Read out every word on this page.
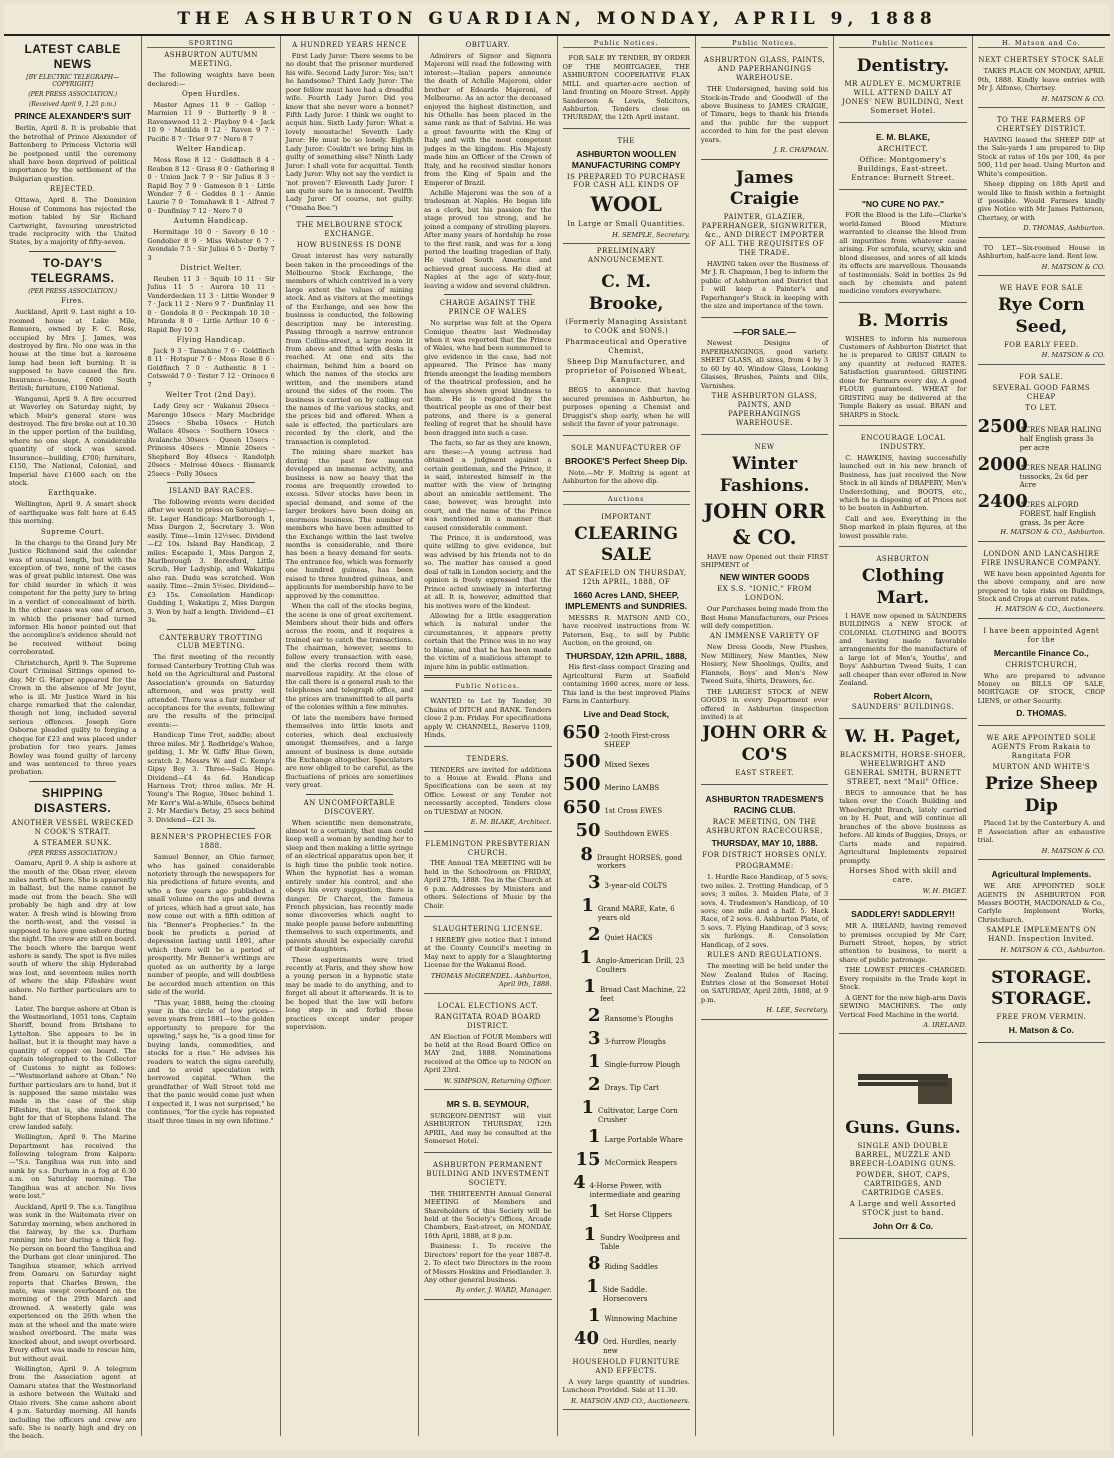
THE ASHBURTON GUARDIAN, MONDAY, APRIL 9, 1888
LATEST CABLE NEWS
[BY ELECTRIC TELEGRAPH—COPYRIGHT]
(PER PRESS ASSOCIATION.)
(Received April 9, 1.25 p.m.)
PRINCE ALEXANDER'S SUIT

Berlin, April 8. It is probable that the betrothal of Prince Alexander of Battenberg to Princess Victoria will be postponed until the ceremony shall have been deprived of political importance by the settlement of the Bulgarian question.

REJECTED.

Ottawa, April 8. The Dominion House of Commons has rejected the motion tabled by Sir Richard Cartwright, favouring unrestricted trade reciprocity with the United States, by a majority of fifty-seven.

TO-DAY'S TELEGRAMS.
(PER PRESS ASSOCIATION.)
Fires.

Auckland, April 9. Last night a 10-roomed house at Lake Mile, Remuera, owned by F. C. Ross, occupied by Mrs J. James, was destroyed by fire. No one was in the house at the time but a kerosene lamp had been left burning. It is supposed to have caused the fire. Insurance—house, £600 South British; furniture, £100 National.

Wanganui, April 9. A fire occurred at Waverley on Saturday night, by which Moir's general store was destroyed. The fire broke out at 10.30 in the upper portion of the building, where no one slept. A considerable quantity of stock was saved. Insurance—building, £700; furniture, £150, The National, Colonial, and Imperial have £1600 each on the stock.

Earthquake.

Wellington, April 9. A smart shock of earthquake was felt here at 6.45 this morning.

Supreme Court.

In the charge to the Grand Jury Mr Justice Richmond said the calendar was of unusual length, but with the exception of two, none of the cases was of great public interest. One was for child murder in which it was competent for the petty jury to bring in a verdict of concealment of birth. In the other cases was one of arson, in which the prisoner had turned informer. His honor pointed out that the accomplice's evidence should not be received without being corroborated.

Christchurch, April 9. The Supreme Court Criminal Sittings opened to-day. Mr G. Harper appeared for the Crown in the absence of Mr Joynt, who is ill. Mr Justice Ward in his charge remarked that the calendar, though not long, included several serious offences. Joseph Gore Osborne pleaded guilty to forging a cheque for £23 and was placed under probation for two years. James Bowley was found guilty of larceny and was sentenced to three years probation.

SHIPPING DISASTERS.
ANOTHER VESSEL WRECKED N COOK'S STRAIT.
A STEAMER SUNK.
(PER PRESS ASSOCIATION.)

Oamaru, April 9. A ship is ashore at the mouth of the Oban river, eleven miles north of here. She is apparently in ballast, but the name cannot be made out from the beach. She will probably be high and dry at low water. A fresh wind is blowing from the north-west, and the vessel is supposed to have gone ashore during the night. The crew are still on board. The beach where the barque went ashore is sandy. The spot is five miles south of where the ship Hyderabad was lost, and seventeen miles north of where the ship Fifeshire went ashore. No further particulars are to hand.

Later. The barque ashore at Oban is the Westmorland, 1051 tons, Captain Sheriff, bound from Brisbane to Lyttelton. She appears to be in ballast, but it is thought may have a quantity of copper on board. The captain telegraphed to the Collector of Customs to night as follows:—"Westmorland ashore at Oban." No further particulars are to hand, but it is supposed the same mistake was made in the case of the ship Fifeshire, that is, she mistook the light for that of Stephens Island. The crew landed safely.

Wellington, April 9. The Marine Department has received the following telegram from Kaipara:—"S.s. Tangihua was run into and sunk by s.s. Durham in a fog at 6.30 a.m. on Saturday morning. The Tangihua was at anchor. No lives were lost."

Auckland, April 9. The s.s. Tangihua was sunk in the Waitemata river on Saturday morning, when anchored in the fairway, by the s.s. Durham running into her during a thick fog. No person on board the Tangihua and the Durham got clear uninjured. The Tangihua steamer, which arrived from Oamaru on Saturday night reports that Charles Brown, the mate, was swept overboard on the morning of the 29th March and drowned. A westerly gale was experienced on the 26th when the man at the wheel and the mate were washed overboard. The mate was knocked about, and swept overboard. Every effort was made to rescue him, but without avail.

Wellington, April 9. A telegram from the Association agent at Oamaru states that the Westmorland is ashore between the Waitaki and Otaio rivers. She came ashore about 4 p.m. Saturday morning. All hands including the officers and crew are safe. She is nearly high and dry on the beach.

SPORTING
ASHBURTON AUTUMN MEETING.

The following weights have been declared:—

Open Hurdles.

Master Agnes 11 9 · Gallop · Marmion 11 9 · Butterfly 9 8 · Ravenswood 11 2 · Playboy 9 4 · Jack 10 9 · Matilda 8 12 · Raven 9 7 · Pacific 8 7 · Trier 9 7 · Nero 8 7

Welter Handicap.

Moss Rose 8 12 · Goldfinch 8 4 · Reuben 8 12 · Grass 8 0 · Gathering 8 0 · Union Jack 7 9 · Sir Julius 8 3 · Rapid Boy 7 9 · Gameson 8 1 · Little Wonder 7 6 · Geddes 8 1 · Annie Laurie 7 0 · Tomahawk 8 1 · Alfred 7 0 · Dunfinlay 7 12 · Nero 7 0

Autumn Handicap.

Hermitage 10 0 · Savory 6 10 · Gondolier 8 9 · Miss Webster 6 7 · Avondale 7 5 · Sir Julius 6 5 · Derby 7 3

District Welter.

Reuben 11 3 · Squib 10 11 · Sir Julius 11 5 · Aurora 10 11 · Vanderdecken 11 3 · Little Wonder 9 7 · Jack 11 2 · Nero 9 7 · Dunfinlay 11 0 · Gondola 8 0 · Peckinpah 10 10 · Miranda 8 0 · Little Arthur 10 6 · Rapid Boy 10 3

Flying Handicap.

Jack 9 3 · Tamahine 7 6 · Goldfinch 8 11 · Hotspur 7 6 · Moss Rose 8 6 · Goldfinch 7 0 · Authentic 8 1 · Cotswold 7 0 · Tester 7 12 · Orinoco 6 7

Welter Trot (2nd Day).

Lady Grey scr · Wakanui 20secs · Marengo 10secs · Mary Macbridge 25secs · Sheba 10secs · Hutch Wallace 40secs · Southern 10secs · Avalanche 30secs · Queen 15secs · Princess 40secs · Minnie 20secs · Shepherd Boy 40secs · Randolph 20secs · Melrose 40secs · Bismarck 25secs · Polly 30secs

ISLAND BAY RACES.

The following events were decided after we went to press on Saturday:— St. Leger Handicap: Marlborough 1, Miss Dargon 2, Secretary 3. Won easily. Time—1min 12½sec. Dividend—£2 10s. Island Bay Handicap, 2 miles: Escapade 1, Miss Dargon 2, Marlborough 3. Beresford, Little Scrub, Her Ladyship, and Wakatipu also ran. Dudu was scratched. Won easily. Time—2min 5½sec. Dividend—£3 15s. Consolation Handicap: Gudding 1, Wakatipu 2, Miss Dargon 3. Won by half a length. Dividend—£1 3s.

CANTERBURY TROTTING CLUB MEETING.

The first meeting of the recently formed Canterbury Trotting Club was held on the Agricultural and Pastoral Association's grounds on Saturday afternoon, and was pretty well attended. There was a fair number of acceptances for the events, following are the results of the principal events:—

Handicap Time Trot, saddle; about three miles. Mr J. Redbridge's Wahoo, gelding, 1. Mr W. Giffs' Blue Gown, scratch 2. Messrs W. and C. Kemp's Gipsy Boy 3. Three—Saila Hope. Dividend—£4 4s 6d. Handicap Harness Trot; three miles. Mr H. Young's The Rogue, 30sec behind 1. Mr Kerr's Wal-a-While, 65secs behind 2. Mr Mardie's Betsy, 25 secs behind 3. Dividend—£21 3s.

BENNER'S PROPHECIES FOR 1888.

Samuel Benner, an Ohio farmer, who has gained considerable notoriety through the newspapers for his predictions of future events, and who a few years ago published a small volume on the ups and downs of prices, which had a great sale, has now come out with a fifth edition of his "Benner's Prophecies." In the book he predicts a period of depression lasting until 1891, after which there will be a period of prosperity. Mr Benner's writings are quoted as an authority by a large number of people, and will doubtless be accorded much attention on this side of the world.

"This year, 1888, being the closing year in the circle of low prices—seven years from 1881—to the golden opportunity to prepare for the upswing," says he, "is a good time for buying lands, commodities, and stocks for a rise." He advises his readers to watch the signs carefully, and to avoid speculation with borrowed capital. "When the grandfather of Wall Street told me that the panic would come just when I expected it, I was not surprised," he continues, "for the cycle has repeated itself three times in my own lifetime."

A HUNDRED YEARS HENCE

First Lady Juror: There seems to be no doubt that the prisoner murdered his wife. Second Lady Juror: Yes; isn't he handsome? Third Lady Juror: The poor fellow must have had a dreadful wife. Fourth Lady Juror: Did you know that she never wore a bonnet? Fifth Lady Juror: I think we ought to acquit him. Sixth Lady Juror: What a lovely moustache! Seventh Lady Juror: He must be so lonely. Eighth Lady Juror: Couldn't we bring him in guilty of something else? Ninth Lady Juror: I shall vote for acquittal. Tenth Lady Juror: Why not say the verdict is 'not proven'? Eleventh Lady Juror: I am quite sure he is innocent. Twelfth Lady Juror: Of course, not guilty. ("Omaha Bee.")

THE MELBOURNE STOCK EXCHANGE.
HOW BUSINESS IS DONE

Great interest has very naturally been taken in the proceedings of the Melbourne Stock Exchange, the members of which contrived in a very large extent the values of mining stock. And as visitors at the meetings of the Exchange, and see how the business is conducted, the following description may be interesting. Passing through a narrow entrance from Collins-street, a large room lit from above and fitted with desks is reached. At one end sits the chairman, behind him a board on which the names of the stocks are written, and the members stand around the sides of the room. The business is carried on by calling out the names of the various stocks, and the prices bid and offered. When a sale is effected, the particulars are recorded by the clerk, and the transaction is completed.

The mining share market has during the past few months developed an immense activity, and business is now so heavy that the rooms are frequently crowded to excess. Silver stocks have been in special demand, and some of the larger brokers have been doing an enormous business. The number of members who have been admitted to the Exchange within the last twelve months is considerable, and there has been a heavy demand for seats. The entrance fee, which was formerly one hundred guineas, has been raised to three hundred guineas, and applicants for membership have to be approved by the committee.

When the call of the stocks begins, the scene is one of great excitement. Members shout their bids and offers across the room, and it requires a trained ear to catch the transactions. The chairman, however, seems to follow every transaction with ease, and the clerks record them with marvellous rapidity. At the close of the call there is a general rush to the telephones and telegraph office, and the prices are transmitted to all parts of the colonies within a few minutes.

Of late the members have formed themselves into little knots and coteries, which deal exclusively amongst themselves, and a large amount of business is done outside the Exchange altogether. Speculators are now obliged to be careful, as the fluctuations of prices are sometimes very great.

AN UNCOMFORTABLE DISCOVERY.

When scientific men demonstrate, almost to a certainty, that man could keep well a woman by sending her to sleep and then making a little syringe of an electrical apparatus upon her, it is high time the public took notice. When the hypnotist has a woman entirely under his control, and she obeys his every suggestion, there is danger. Dr Charcot, the famous French physician, has recently made some discoveries which ought to make people pause before submitting themselves to such experiments, and parents should be especially careful of their daughters.

These experiments were tried recently at Paris, and they show how a young person in a hypnotic state may be made to do anything, and to forget all about it afterwards. It is to be hoped that the law will before long step in and forbid these practices except under proper supervision.

OBITUARY.

Admirers of Signor and Signora Majeroni will read the following with interest:—Italian papers announce the death of Achille Majeroni, elder brother of Edoardo Majeroni, of Melbourne. As an actor the deceased enjoyed the highest distinction, and his Othello has been placed in the same rank as that of Salvini. He was a great favourite with the King of Italy and with the most competent judges in the kingdom. His Majesty made him an Officer of the Crown of Italy, and he received similar honors from the King of Spain and the Emperor of Brazil.

Achille Majeroni was the son of a tradesman at Naples. He began life as a clerk, but his passion for the stage proved too strong, and he joined a company of strolling players. After many years of hardship he rose to the first rank, and was for a long period the leading tragedian of Italy. He visited South America and achieved great success. He died at Naples at the age of sixty-four, leaving a widow and several children.

CHARGE AGAINST THE PRINCE OF WALES

No surprise was felt at the Opera Comique theatre last Wednesday when it was reported that the Prince of Wales, who had been summoned to give evidence in the case, had not appeared. The Prince has many friends amongst the leading members of the theatrical profession, and he has always shown great kindness to them. He is regarded by the theatrical people as one of their best patrons, and there is a general feeling of regret that he should have been dragged into such a case.

The facts, so far as they are known, are these:—A young actress had obtained a judgment against a certain gentleman, and the Prince, it is said, interested himself in the matter with the view of bringing about an amicable settlement. The case, however, was brought into court, and the name of the Prince was mentioned in a manner that caused considerable comment.

The Prince, it is understood, was quite willing to give evidence, but was advised by his friends not to do so. The matter has caused a good deal of talk in London society, and the opinion is freely expressed that the Prince acted unwisely in interfering at all. It is, however, admitted that his motives were of the kindest.

Allowing for a little exaggeration which is natural under the circumstances, it appears pretty certain that the Prince was in no way to blame, and that he has been made the victim of a malicious attempt to injure him in public estimation.

Public Notices.

WANTED to Let by Tender, 30 Chains of DITCH and BANK. Tenders close 2 p.m. Friday. For specifications apply W. CHANNELL, Reserve 1109, Hinds.

TENDERS.

TENDERS are invited for additions to a House at Ewald. Plans and Specifications can be seen at my Office. Lowest or any Tender not necessarily accepted. Tenders close on TUESDAY at NOON.

E. M. BLAKE, Architect.
FLEMINGTON PRESBYTERIAN CHURCH.

THE Annual TEA MEETING will be held in the Schoolroom on FRIDAY, April 27th, 1888. Tea in the Church at 6 p.m. Addresses by Ministers and others. Selections of Music by the Choir.

SLAUGHTERING LICENSE.

I HEREBY give notice that I intend at the County Council's meeting in May next to apply for a Slaughtering License for the Wakanui Road.

THOMAS McGRENDEL. Ashburton, April 9th, 1888.
LOCAL ELECTIONS ACT.
RANGITATA ROAD BOARD DISTRICT.

AN Election of FOUR Members will be held at the Road Board Office on MAY 2nd, 1888. Nominations received at the Office up to NOON on April 23rd.

W. SIMPSON, Returning Officer.
MR S. B. SEYMOUR,

SURGEON-DENTIST will visit ASHBURTON THURSDAY, 12th APRIL, And may be consulted at the Somerset Hotel.

ASHBURTON PERMANENT BUILDING AND INVESTMENT SOCIETY.

THE THIRTEENTH Annual General MEETING of Members and Shareholders of this Society will be held at the Society's Offices, Arcade Chambers, East-street, on MONDAY, 16th April, 1888, at 8 p.m.

Business: 1. To receive the Directors' report for the year 1887-8. 2. To elect two Directors in the room of Messrs Hoskins and Friedlander. 3. Any other general business.

By order, J. WARD, Manager.
Public Notices.

FOR SALE BY TENDER, BY ORDER OF THE MORTGAGEE, THE ASHBURTON COOPERATIVE FLAX MILL and quarter-acre section of land fronting on Moore Street. Apply Sanderson & Lewis, Solicitors, Ashburton. Tenders close on THURSDAY, the 12th April instant.

THE
ASHBURTON WOOLLEN MANUFACTURING COMPY
IS PREPARED TO PURCHASE FOR CASH ALL KINDS OF
WOOL
In Large or Small Quantities.
H. SEMPLE, Secretary.
PRELIMINARY ANNOUNCEMENT.
C. M. Brooke,
(Formerly Managing Assistant to COOK and SONS.)
Pharmaceutical and Operative Chemist,
Sheep Dip Manufacturer, and proprietor of Poisoned Wheat, Kanpur.

BEGS to announce that having secured premises in Ashburton, he purposes opening a Chemist and Druggist's shop early, when he will solicit the favor of your patronage.

SOLE MANUFACTURER OF
BROOKE'S Perfect Sheep Dip.

Note.—Mr F. Moltrig is agent at Ashburton for the above dip.

Auctions
IMPORTANT
CLEARING SALE
AT SEAFIELD ON THURSDAY, 12th APRIL, 1888, OF
1660 Acres LAND, SHEEP, IMPLEMENTS and SUNDRIES.

MESSRS R. MATSON AND CO., have received instructions from W. Paterson, Esq., to sell by Public Auction, on the ground, on

THURSDAY, 12th APRIL, 1888,

His first-class compact Grazing and Agricultural Farm at Seafield containing 1660 acres, more or less. This land is the best improved Plains Farm in Canterbury.

Live and Dead Stock,
650 2-tooth First-cross SHEEP
500 Mixed Sexes
500 Merino LAMBS
650 1st Cross EWES
50 Southdown EWES
8 Draught HORSES, good workers
3 3-year-old COLTS
1 Grand MARE, Kate, 6 years old
2 Quiet HACKS
1 Anglo-American Drill, 23 Coulters
1 Broad Cast Machine, 22 feet
2 Ransome's Ploughs
3 3-furrow Ploughs
1 Single-furrow Plough
2 Drays. Tip Cart
1 Cultivator, Large Corn Crusher
1 Large Portable Whare
15 McCormick Reapers
4 4-Horse Power, with intermediate and gearing
1 Set Horse Clippers
1 Sundry Woolpress and Table
8 Riding Saddles
1 Side Saddle. Horsecovers
1 Winnowing Machine
40 Ord. Hurdles, nearly new
HOUSEHOLD FURNITURE AND EFFECTS.

A very large quantity of sundries. Luncheon Provided. Sale at 11.30.

R. MATSON AND CO., Auctioneers.
Public Notices.
ASHBURTON GLASS, PAINTS, AND PAPERHANGINGS WAREHOUSE.

THE Undersigned, having sold his Stock-in-Trade and Goodwill of the above Business to JAMES CRAIGIE, of Timaru, begs to thank his friends and the public for the support accorded to him for the past eleven years.

J. R. CHAPMAN.
James Craigie
PAINTER, GLAZIER, PAPERHANGER, SIGNWRITER, &c., AND DIRECT IMPORTER OF ALL THE REQUISITES OF THE TRADE.

HAVING taken over the Business of Mr J. R. Chapman, I beg to inform the public of Ashburton and District that I will keep a Painter's and Paperhanger's Stock in keeping with the size and importance of the town.

—FOR SALE.—

Newest Designs of PAPERHANGINGS, good variety. SHEET GLASS, all sizes, from 4 by 3 to 60 by 40. Window Glass, Looking Glasses, Brushes, Paints and Oils, Varnishes.

THE ASHBURTON GLASS, PAINTS, AND PAPERHANGINGS WAREHOUSE.
NEW
Winter Fashions.
JOHN ORR & CO.

HAVE now Opened out their FIRST SHIPMENT of

NEW WINTER GOODS
EX S.S. "IONIC," FROM LONDON.

Our Purchases being made from the Best Home Manufacturers, our Prices will defy competition.

AN IMMENSE VARIETY OF

New Dress Goods, New Plushes, New Millinery, New Mantles, New Hosiery, New Shoolings, Quilts, and Flannels, Boys' and Men's New Tweed Suits, Shirts, Drawers, &c.

THE LARGEST STOCK of NEW GOODS in every Department ever offered in Ashburton (inspection invited) is at

JOHN ORR & CO'S
EAST STREET.
ASHBURTON TRADESMEN'S RACING CLUB.
RACE MEETING, ON THE ASHBURTON RACECOURSE,
THURSDAY, MAY 10, 1888.
FOR DISTRICT HORSES ONLY.
PROGRAMME:

1. Hurdle Race Handicap, of 5 sovs; two miles. 2. Trotting Handicap, of 5 sovs; 3 miles. 3. Maiden Plate, of 3 sovs. 4. Tradesmen's Handicap, of 10 sovs; one mile and a half. 5. Hack Race, of 2 sovs. 6. Ashburton Plate, of 5 sovs. 7. Flying Handicap, of 3 sovs; six furlongs. 8. Consolation Handicap, of 2 sovs.

RULES AND REGULATIONS.

The meeting will be held under the New Zealand Rules of Racing. Entries close at the Somerset Hotel on SATURDAY, April 28th, 1888, at 9 p.m.

H. LEE, Secretary.
Public Notices
Dentistry.
MR AUDLEY E. MCMURTRIE WILL ATTEND DAILY AT JONES' NEW BUILDING, Next Somerset Hotel.
E. M. BLAKE,
ARCHITECT.
Office: Montgomery's Buildings, East-street. Entrance: Burnett Street.
"NO CURE NO PAY."

FOR the Blood is the Life—Clarke's world-famed Blood Mixture warranted to cleanse the blood from all impurities from whatever cause arising. For scrofula, scurvy, skin and blood diseases, and sores of all kinds its effects are marvellous. Thousands of testimonials. Sold in bottles 2s 9d each by chemists and patent medicine vendors everywhere.

B. Morris

WISHES to inform his numerous Customers of Ashburton District that he is prepared to GRIST GRAIN to any quantity at reduced RATES. Satisfaction guaranteed. GRISTING done for Farmers every day. A good FLOUR guaranteed. WHEAT for GRISTING may be delivered at the Temple Bakery as usual. BRAN and SHARPS in Stock.

ENCOURAGE LOCAL INDUSTRY.

C. HAWKINS, having successfully launched out in his new branch of Business, has just received the New Stock in all kinds of DRAPERY, Men's Underclothing, and BOOTS, etc., which he is disposing of at Prices not to be beaten in Ashburton.

Call and see. Everything in the Shop marked in plain figures, at the lowest possible rate.

ASHBURTON
Clothing Mart.

I HAVE now opened in SAUNDERS BUILDINGS a NEW STOCK of COLONIAL CLOTHING and BOOTS and having made favorable arrangements for the manufacture of a large lot of Men's, Youths', and Boys' Ashburton Tweed Suits, I can sell cheaper than ever offered in New Zealand.

Robert Alcorn,
SAUNDERS' BUILDINGS.
W. H. Paget,
BLACKSMITH, HORSE-SHOER, WHEELWRIGHT AND GENERAL SMITH, BURNETT STREET, next "Mail" Office.

BEGS to announce that he has taken over the Coach Building and Wheelwright Branch, lately carried on by H. Peat, and will continue all branches of the above business as before. All kinds of Buggies, Drays, or Carts made and repaired. Agricultural Implements repaired promptly.

Horses Shod with skill and care.
W. H. PAGET.
SADDLERY! SADDLERY!!

MR A. IRELAND, having removed to premises occupied by Mr Carr, Burnett Street, hopes, by strict attention to business, to merit a share of public patronage.

THE LOWEST PRICES CHARGED. Every requisite in the Trade kept in Stock.

A GENT for the new high-arm Davis SEWING MACHINES. The only Vertical Feed Machine in the world.

A. IRELAND.
Guns. Guns.
SINGLE AND DOUBLE BARREL, MUZZLE AND BREECH-LOADING GUNS.
POWDER, SHOT, CAPS, CARTRIDGES, AND CARTRIDGE CASES.
A Large and well Assorted STOCK just to hand.
John Orr & Co.
H. Matson and Co.
NEXT CHERTSEY STOCK SALE

TAKES PLACE ON MONDAY, APRIL 9th, 1888. Kindly leave entries with Mr J. Alfonso, Chertsey.

H. MATSON & CO.
TO THE FARMERS OF CHERTSEY DISTRICT.

HAVING leased the SHEEP DIP at the Sale-yards I am prepared to Dip Stock at rates of 10s per 100, 4s per 500, 11d per head. Using Murton and White's composition.

Sheep dipping on 18th April and would like to finish within a fortnight if possible. Would Farmers kindly give Notice with Mr James Patterson, Chertsey, or with

D. THOMAS, Ashburton.

TO LET—Six-roomed House in Ashburton, half-acre land. Rent low.

H. MATSON & CO.
WE HAVE FOR SALE
Rye Corn Seed,
FOR EARLY FEED.
H. MATSON & CO.
FOR SALE.
SEVERAL GOOD FARMS CHEAP
TO LET.
2500
ACRES NEAR HALING half English grass 3s per acre
2000
ACRES NEAR HALING tussocks, 2s 6d per Acre
2400
ACRES ALFORD FOREST, half English grass, 3s per Acre
H. MATSON & CO., Ashburton.
LONDON AND LANCASHIRE FIRE INSURANCE COMPANY.

WE have been appointed Agents for the above company, and are now prepared to take risks on Buildings, Stock and Crops at current rates.

H. MATSON & CO., Auctioneers.
I have been appointed Agent for the
Mercantile Finance Co.,
CHRISTCHURCH,

Who are prepared to advance Money on BILLS OF SALE, MORTGAGE OF STOCK, CROP LIENS, or other Security.

D. THOMAS.
WE ARE APPOINTED SOLE AGENTS From Rakaia to Rangitata FOR
MURTON AND WHITE'S
Prize Sheep Dip

Placed 1st by the Canterbury A. and P. Association after an exhaustive trial.

H. MATSON & CO.
Agricultural Implements.

WE ARE APPOINTED SOLE AGENTS IN ASHBURTON FOR Messrs BOOTH, MACDONALD & Co., Carlyle Implement Works, Christchurch.

SAMPLE IMPLEMENTS ON HAND. Inspection Invited.
H. MATSON & CO., Ashburton.
STORAGE. STORAGE.
FREE FROM VERMIN.
H. Matson & Co.
